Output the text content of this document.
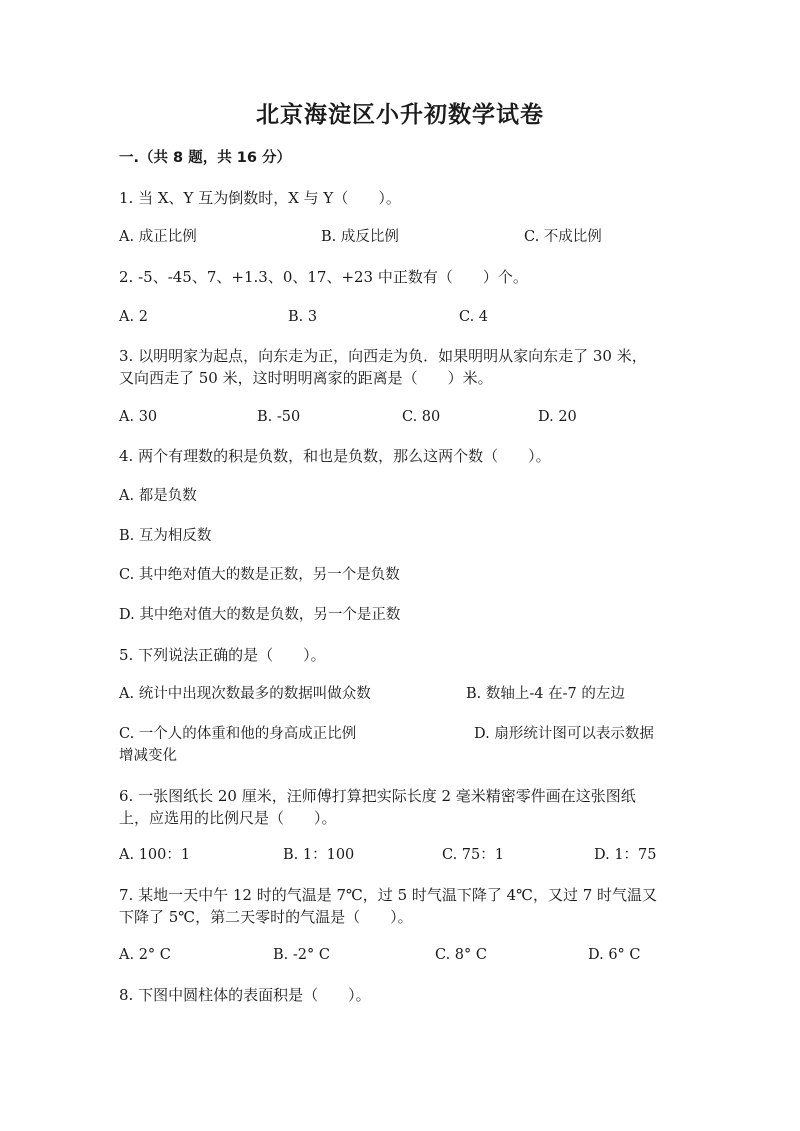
北京海淀区小升初数学试卷
一.（共 8 题，共 16 分）
1. 当 X、Y 互为倒数时，X 与 Y（　　）。
A. 成正比例	B. 成反比例	C. 不成比例
2. -5、-45、7、+1.3、0、17、+23 中正数有（　　）个。
A. 2	B. 3	C. 4
3. 以明明家为起点，向东走为正，向西走为负．如果明明从家向东走了 30 米，
又向西走了 50 米，这时明明离家的距离是（　　）米。
A. 30	B. -50	C. 80	D. 20
4. 两个有理数的积是负数，和也是负数，那么这两个数（　　）。
A. 都是负数
B. 互为相反数
C. 其中绝对值大的数是正数，另一个是负数
D. 其中绝对值大的数是负数，另一个是正数
5. 下列说法正确的是（　　）。
A. 统计中出现次数最多的数据叫做众数	B. 数轴上-4 在-7 的左边
C. 一个人的体重和他的身高成正比例	D. 扇形统计图可以表示数据
增减变化
6. 一张图纸长 20 厘米，汪师傅打算把实际长度 2 毫米精密零件画在这张图纸
上，应选用的比例尺是（　　）。
A. 100：1	B. 1：100	C. 75：1	D. 1：75
7. 某地一天中午 12 时的气温是 7℃，过 5 时气温下降了 4℃，又过 7 时气温又
下降了 5℃，第二天零时的气温是（　　）。
A. 2° C	B. -2° C	C. 8° C	D. 6° C
8. 下图中圆柱体的表面积是（　　）。
